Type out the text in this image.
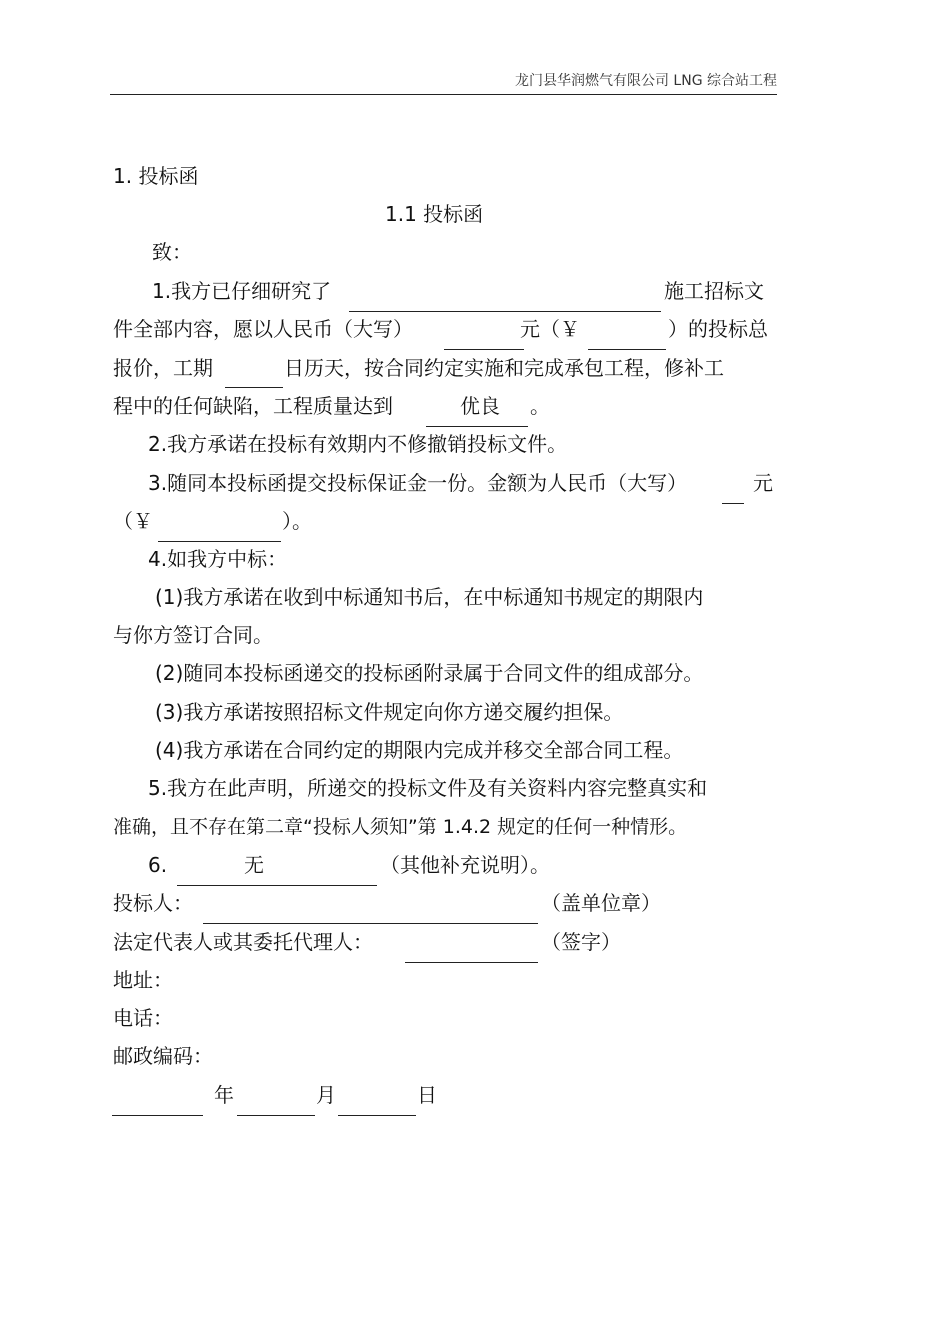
龙门县华润燃气有限公司 LNG 综合站工程
1. 投标函
1.1 投标函
致：
1.我方已仔细研究了	施工招标文
件全部内容，愿以人民币（大写）	元（￥	）的投标总
报价，工期	日历天，按合同约定实施和完成承包工程，修补工
程中的任何缺陷，工程质量达到	优良 。
2.我方承诺在投标有效期内不修撤销投标文件。
3.随同本投标函提交投标保证金一份。金额为人民币（大写）	元
（￥	）。
4.如我方中标：
(1)我方承诺在收到中标通知书后，在中标通知书规定的期限内
与你方签订合同。
(2)随同本投标函递交的投标函附录属于合同文件的组成部分。
(3)我方承诺按照招标文件规定向你方递交履约担保。
(4)我方承诺在合同约定的期限内完成并移交全部合同工程。
5.我方在此声明，所递交的投标文件及有关资料内容完整真实和
准确，且不存在第二章“投标人须知”第 1.4.2 规定的任何一种情形。
6.	无	（其他补充说明）。
投标人：	（盖单位章）
法定代表人或其委托代理人：	（签字）
地址：
电话：
邮政编码：
年	月	日
